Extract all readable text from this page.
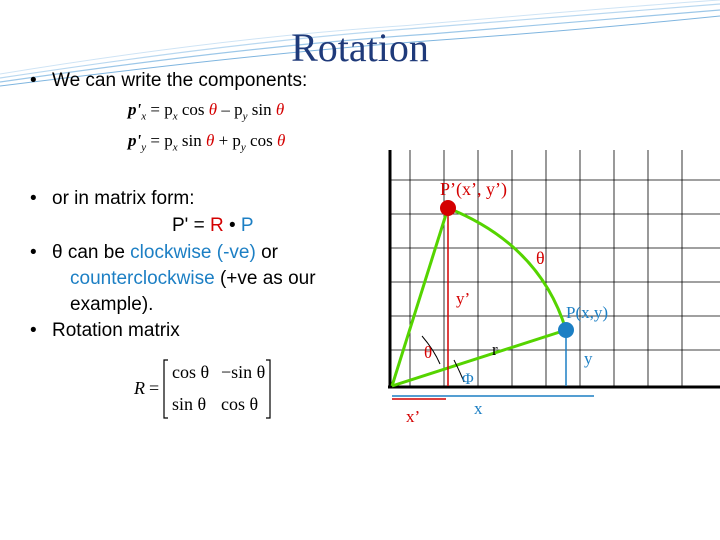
Rotation
• We can write the components:
$p'_x = p_x$ cos θ – $p_y$ sin θ
$p'_y = p_x$ $\sin \theta + p_y$ cos θ
• or in matrix form:
P' = R • P
• θ can be clockwise (-ve) or
counterclockwise (+ve as our
example).
• Rotation matrix
R =
cos θ −sin θ
sin θ cos θ
P’(x’, y’)
P(x,y)
θ
y’
r
θ
Φ
y
x’	x
